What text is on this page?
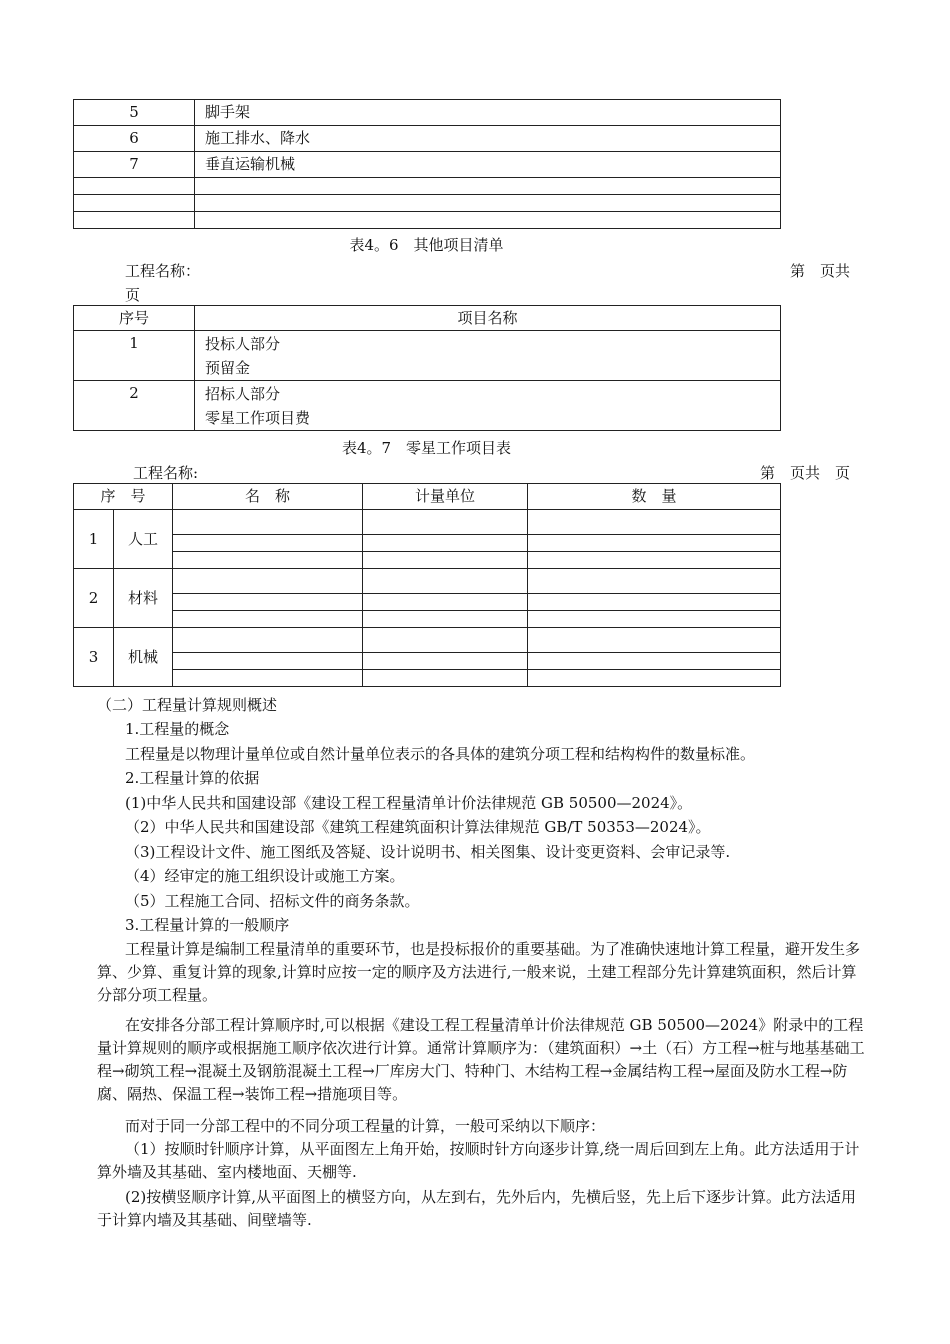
5	脚手架
6	施工排水、降水
7	垂直运输机械

表4。6　其他项目清单
工程名称：	第　页共
页
序号	项目名称
1	投标人部分
预留金

2	招标人部分
零星工作项目费
表4。7　零星工作项目表
工程名称:	第　页共　页
序　号		名　称	计量单位	数　量
1	人工			

2	材料			

3	机械			

（二）工程量计算规则概述
1.工程量的概念
工程量是以物理计量单位或自然计量单位表示的各具体的建筑分项工程和结构构件的数量标准。
2.工程量计算的依据
(1)中华人民共和国建设部《建设工程工程量清单计价法律规范 GB 50500—2024》。
（2）中华人民共和国建设部《建筑工程建筑面积计算法律规范 GB/T 50353—2024》。
（3)工程设计文件、施工图纸及答疑、设计说明书、相关图集、设计变更资料、会审记录等.
（4）经审定的施工组织设计或施工方案。
（5）工程施工合同、招标文件的商务条款。
3.工程量计算的一般顺序
工程量计算是编制工程量清单的重要环节，也是投标报价的重要基础。为了准确快速地计算工程量，避开发生多算、少算、重复计算的现象,计算时应按一定的顺序及方法进行,一般来说，土建工程部分先计算建筑面积，然后计算分部分项工程量。
在安排各分部工程计算顺序时,可以根据《建设工程工程量清单计价法律规范 GB 50500—2024》附录中的工程量计算规则的顺序或根据施工顺序依次进行计算。通常计算顺序为：（建筑面积）→土（石）方工程→桩与地基基础工程→砌筑工程→混凝土及钢筋混凝土工程→厂库房大门、特种门、木结构工程→金属结构工程→屋面及防水工程→防腐、隔热、保温工程→装饰工程→措施项目等。
而对于同一分部工程中的不同分项工程量的计算，一般可采纳以下顺序：
（1）按顺时针顺序计算，从平面图左上角开始，按顺时针方向逐步计算,绕一周后回到左上角。此方法适用于计算外墙及其基础、室内楼地面、天棚等.
(2)按横竖顺序计算,从平面图上的横竖方向，从左到右，先外后内，先横后竖，先上后下逐步计算。此方法适用于计算内墙及其基础、间壁墙等.
